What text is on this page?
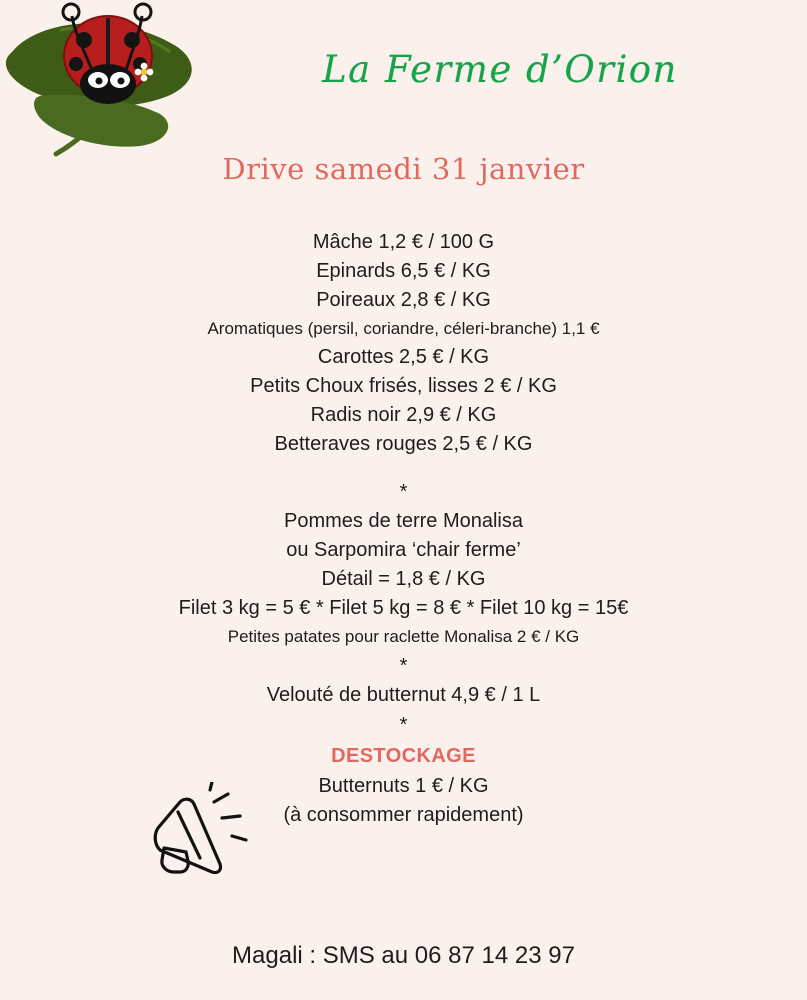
La Ferme d’Orion
Drive samedi 31 janvier
Mâche 1,2 € / 100 G
Epinards 6,5 € / KG
Poireaux 2,8 € / KG
Aromatiques (persil, coriandre, céleri-branche) 1,1 €
Carottes 2,5 € / KG
Petits Choux frisés, lisses 2 € / KG
Radis noir 2,9 € / KG
Betteraves rouges 2,5 € / KG
*
Pommes de terre Monalisa
ou Sarpomira ‘chair ferme’
Détail = 1,8 € / KG
Filet 3 kg = 5 € * Filet 5 kg = 8 € * Filet 10 kg = 15€
Petites patates pour raclette Monalisa 2 € / KG
*
Velouté de butternut 4,9 € / 1 L
*
DESTOCKAGE
Butternuts 1 € / KG
(à consommer rapidement)
Magali : SMS au 06 87 14 23 97
